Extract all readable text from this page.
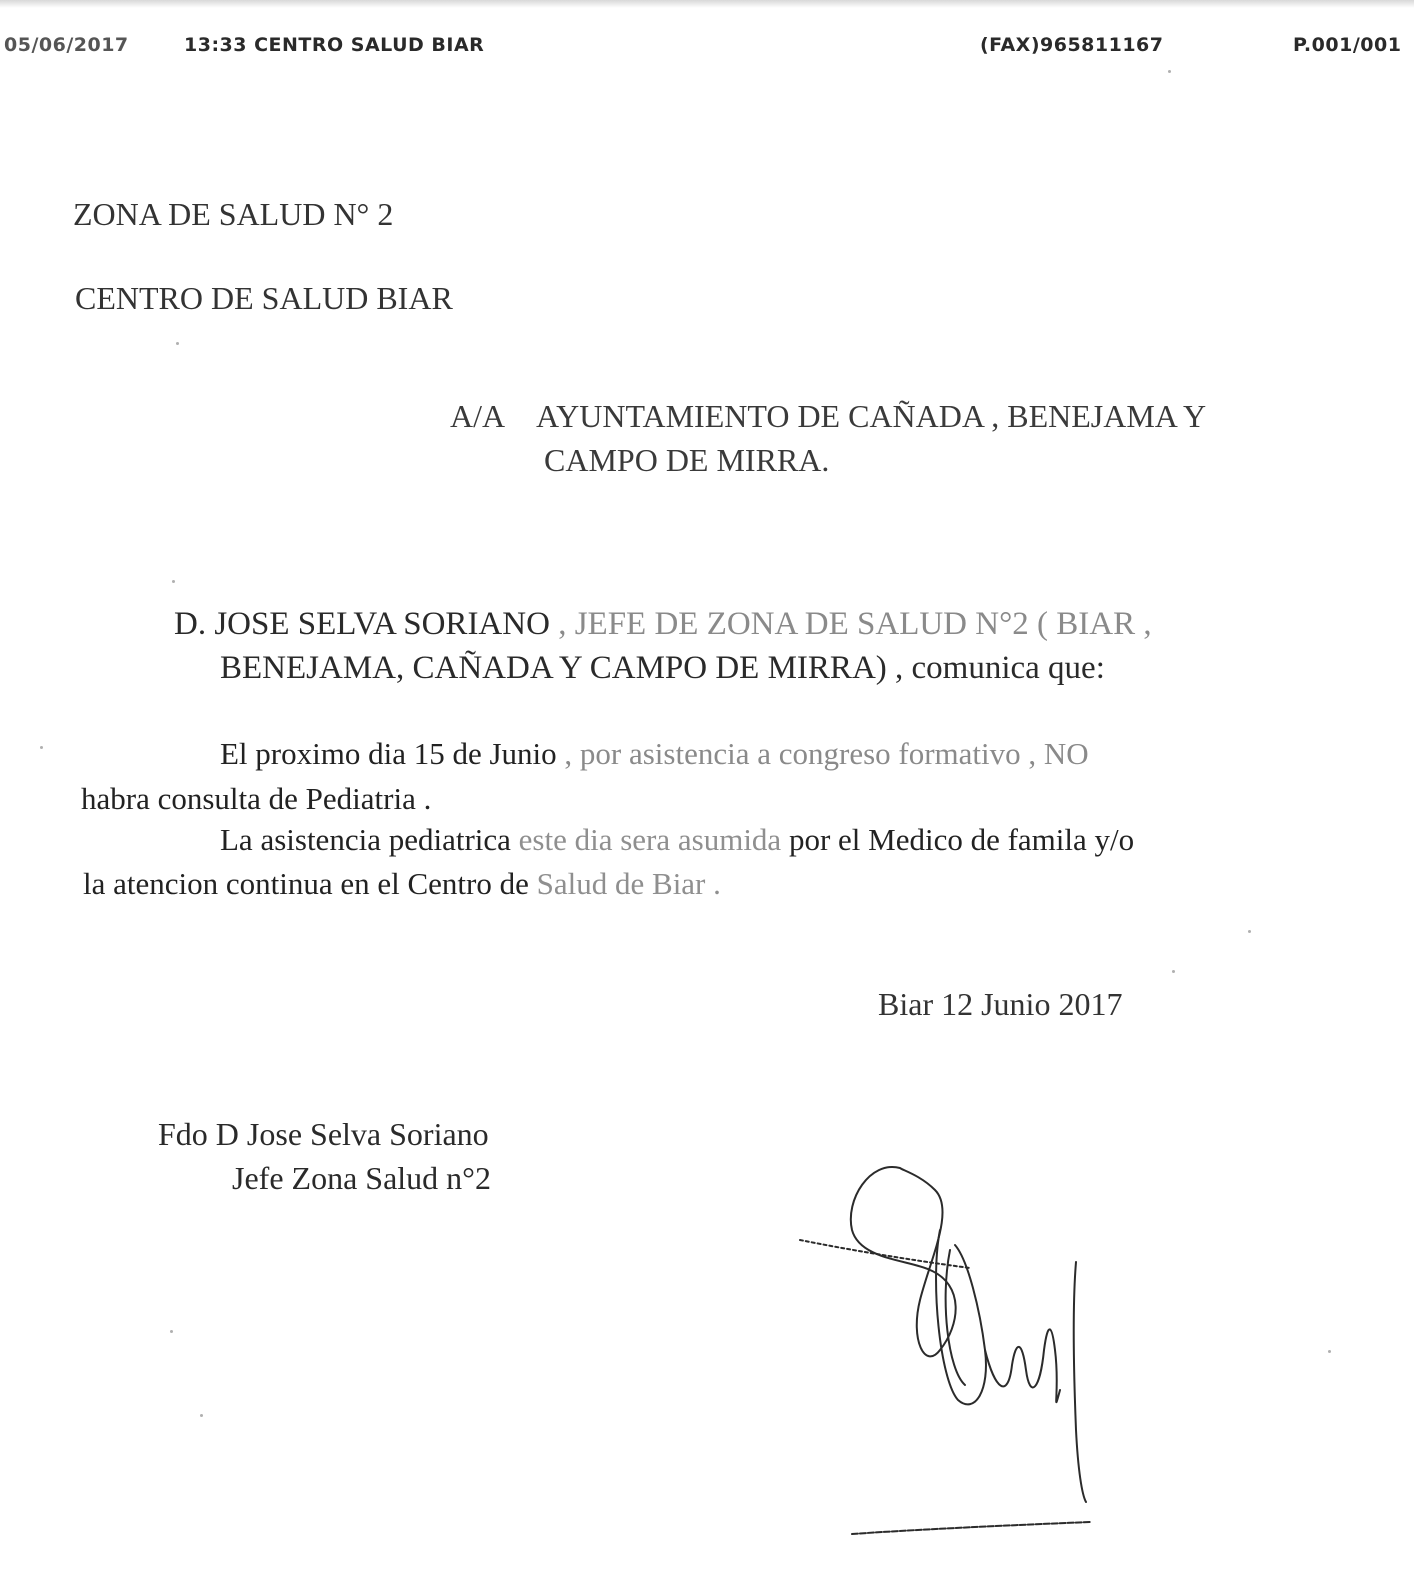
05/06/2017	13:33 CENTRO SALUD BIAR	(FAX)965811167	P.001/001
ZONA DE SALUD N° 2
CENTRO DE SALUD BIAR
A/A AYUNTAMIENTO DE CAÑADA , BENEJAMA Y
CAMPO DE MIRRA.
D. JOSE SELVA SORIANO , JEFE DE ZONA DE SALUD N°2 ( BIAR ,
BENEJAMA, CAÑADA Y CAMPO DE MIRRA) , comunica que:
El proximo dia 15 de Junio , por asistencia a congreso formativo , NO
habra consulta de Pediatria .
La asistencia pediatrica este dia sera asumida por el Medico de famila y/o
la atencion continua en el Centro de Salud de Biar .
Biar 12 Junio 2017
Fdo D Jose Selva Soriano
Jefe Zona Salud n°2
